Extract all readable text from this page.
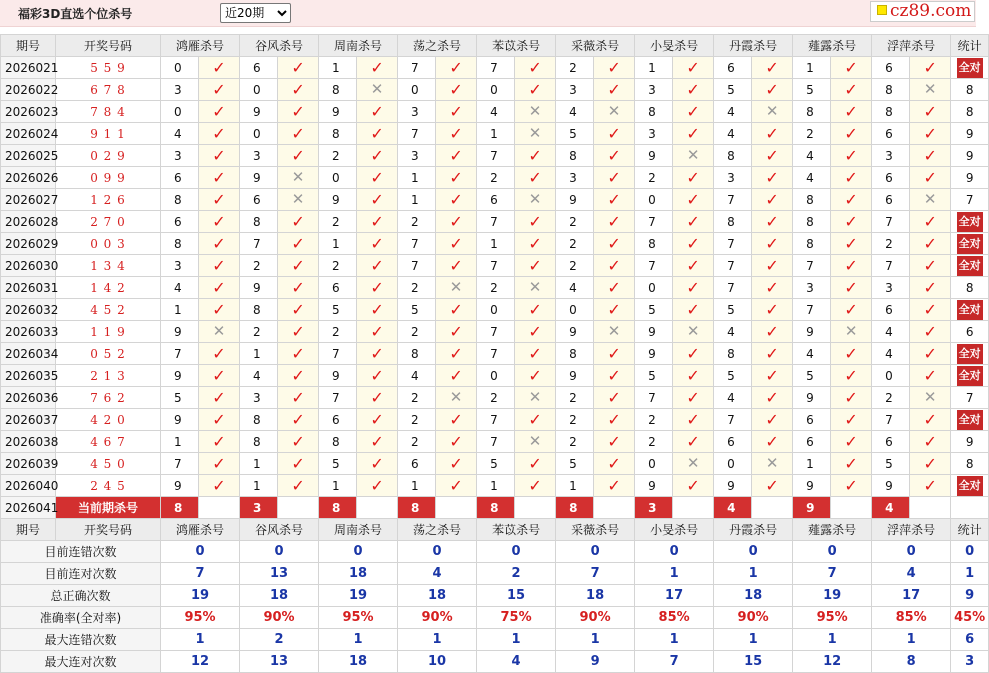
福彩3D直选个位杀号
近20期	cz89.com
期号	开奖号码	鸿雁杀号		谷风杀号		周南杀号		荡之杀号		苯苡杀号		采薇杀号		小旻杀号		丹霞杀号		薤露杀号		浮萍杀号		统计
2026021	5 5 9	0	✓	6	✓	1	✓	7	✓	7	✓	2	✓	1	✓	6	✓	1	✓	6	✓	全对
2026022	6 7 8	3	✓	0	✓	8	✕	0	✓	0	✓	3	✓	3	✓	5	✓	5	✓	8	✕	8
2026023	7 8 4	0	✓	9	✓	9	✓	3	✓	4	✕	4	✕	8	✓	4	✕	8	✓	8	✓	8
2026024	9 1 1	4	✓	0	✓	8	✓	7	✓	1	✕	5	✓	3	✓	4	✓	2	✓	6	✓	9
2026025	0 2 9	3	✓	3	✓	2	✓	3	✓	7	✓	8	✓	9	✕	8	✓	4	✓	3	✓	9
2026026	0 9 9	6	✓	9	✕	0	✓	1	✓	2	✓	3	✓	2	✓	3	✓	4	✓	6	✓	9
2026027	1 2 6	8	✓	6	✕	9	✓	1	✓	6	✕	9	✓	0	✓	7	✓	8	✓	6	✕	7
2026028	2 7 0	6	✓	8	✓	2	✓	2	✓	7	✓	2	✓	7	✓	8	✓	8	✓	7	✓	全对
2026029	0 0 3	8	✓	7	✓	1	✓	7	✓	1	✓	2	✓	8	✓	7	✓	8	✓	2	✓	全对
2026030	1 3 4	3	✓	2	✓	2	✓	7	✓	7	✓	2	✓	7	✓	7	✓	7	✓	7	✓	全对
2026031	1 4 2	4	✓	9	✓	6	✓	2	✕	2	✕	4	✓	0	✓	7	✓	3	✓	3	✓	8
2026032	4 5 2	1	✓	8	✓	5	✓	5	✓	0	✓	0	✓	5	✓	5	✓	7	✓	6	✓	全对
2026033	1 1 9	9	✕	2	✓	2	✓	2	✓	7	✓	9	✕	9	✕	4	✓	9	✕	4	✓	6
2026034	0 5 2	7	✓	1	✓	7	✓	8	✓	7	✓	8	✓	9	✓	8	✓	4	✓	4	✓	全对
2026035	2 1 3	9	✓	4	✓	9	✓	4	✓	0	✓	9	✓	5	✓	5	✓	5	✓	0	✓	全对
2026036	7 6 2	5	✓	3	✓	7	✓	2	✕	2	✕	2	✓	7	✓	4	✓	9	✓	2	✕	7
2026037	4 2 0	9	✓	8	✓	6	✓	2	✓	7	✓	2	✓	2	✓	7	✓	6	✓	7	✓	全对
2026038	4 6 7	1	✓	8	✓	8	✓	2	✓	7	✕	2	✓	2	✓	6	✓	6	✓	6	✓	9
2026039	4 5 0	7	✓	1	✓	5	✓	6	✓	5	✓	5	✓	0	✕	0	✕	1	✓	5	✓	8
2026040	2 4 5	9	✓	1	✓	1	✓	1	✓	1	✓	1	✓	9	✓	9	✓	9	✓	9	✓	全对
2026041	当前期杀号	8		3		8		8		8		8		3		4		9		4		
期号	开奖号码	鸿雁杀号		谷风杀号		周南杀号		荡之杀号		苯苡杀号		采薇杀号		小旻杀号		丹霞杀号		薤露杀号		浮萍杀号		统计
目前连错次数		0		0		0		0		0		0		0		0		0		0		0
目前连对次数		7		13		18		4		2		7		1		1		7		4		1
总正确次数		19		18		19		18		15		18		17		18		19		17		9
准确率(全对率)		95%		90%		95%		90%		75%		90%		85%		90%		95%		85%		45%
最大连错次数		1		2		1		1		1		1		1		1		1		1		6
最大连对次数		12		13		18		10		4		9		7		15		12		8		3
